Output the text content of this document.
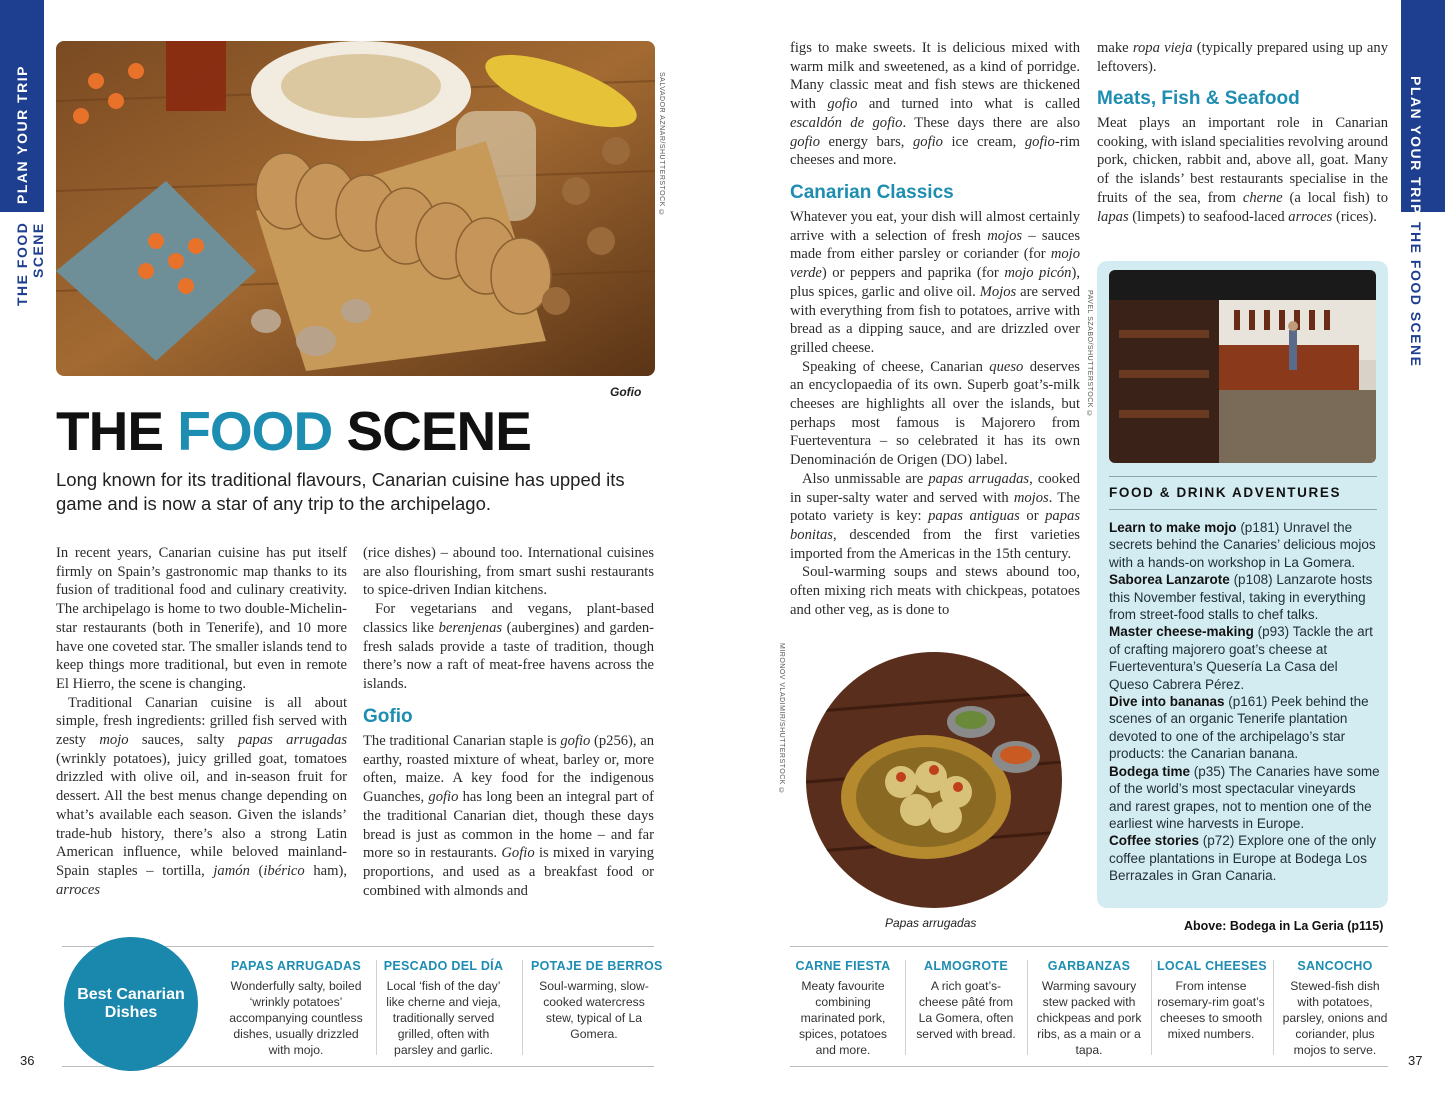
PLAN YOUR TRIP
THE FOOD SCENE
PLAN YOUR TRIP
THE FOOD SCENE
SALVADOR AZNAR/SHUTTERSTOCK ©
Gofio
THE FOOD SCENE
Long known for its traditional flavours, Canarian cuisine has upped its game and is now a star of any trip to the archipelago.

In recent years, Canarian cuisine has put itself firmly on Spain’s gastronomic map thanks to its fusion of traditional food and culinary creativity. The archipelago is home to two double-Michelin-star restaurants (both in Tenerife), and 10 more have one coveted star. The smaller islands tend to keep things more traditional, but even in remote El Hierro, the scene is changing.

Traditional Canarian cuisine is all about simple, fresh ingredients: grilled fish served with zesty mojo sauces, salty papas arrugadas (wrinkly potatoes), juicy grilled goat, tomatoes drizzled with olive oil, and in-season fruit for dessert. All the best menus change depending on what’s available each season. Given the islands’ trade-hub history, there’s also a strong Latin American influence, while beloved mainland-Spain staples – tortilla, jamón (ibérico ham), arroces

(rice dishes) – abound too. International cuisines are also flourishing, from smart sushi restaurants to spice-driven Indian kitchens.

For vegetarians and vegans, plant-based classics like berenjenas (aubergines) and garden-fresh salads provide a taste of tradition, though there’s now a raft of meat-free havens across the islands.

Gofio

The traditional Canarian staple is gofio (p256), an earthy, roasted mixture of wheat, barley or, more often, maize. A key food for the indigenous Guanches, gofio has long been an integral part of the traditional Canarian diet, though these days bread is just as common in the home – and far more so in restaurants. Gofio is mixed in varying proportions, and used as a breakfast food or combined with almonds and

figs to make sweets. It is delicious mixed with warm milk and sweetened, as a kind of porridge. Many classic meat and fish stews are thickened with gofio and turned into what is called escaldón de gofio. These days there are also gofio energy bars, gofio ice cream, gofio-rim cheeses and more.

Canarian Classics

Whatever you eat, your dish will almost certainly arrive with a selection of fresh mojos – sauces made from either parsley or coriander (for mojo verde) or peppers and paprika (for mojo picón), plus spices, garlic and olive oil. Mojos are served with everything from fish to potatoes, arrive with bread as a dipping sauce, and are drizzled over grilled cheese.

Speaking of cheese, Canarian queso deserves an encyclopaedia of its own. Superb goat’s-milk cheeses are highlights all over the islands, but perhaps most famous is Majorero from Fuerteventura – so celebrated it has its own Denominación de Origen (DO) label.

Also unmissable are papas arrugadas, cooked in super-salty water and served with mojos. The potato variety is key: papas antiguas or papas bonitas, descended from the first varieties imported from the Americas in the 15th century.

Soul-warming soups and stews abound too, often mixing rich meats with chickpeas, potatoes and other veg, as is done to

MIRONOV VLADIMIR/SHUTTERSTOCK ©
Papas arrugadas

make ropa vieja (typically prepared using up any leftovers).

Meats, Fish & Seafood

Meat plays an important role in Canarian cooking, with island specialities revolving around pork, chicken, rabbit and, above all, goat. Many of the islands’ best restaurants specialise in the fruits of the sea, from cherne (a local fish) to lapas (limpets) to seafood-laced arroces (rices).

PAVEL SZABO/SHUTTERSTOCK ©
FOOD & DRINK ADVENTURES

Learn to make mojo (p181) Unravel the secrets behind the Canaries’ delicious mojos with a hands-on workshop in La Gomera.

Saborea Lanzarote (p108) Lanzarote hosts this November festival, taking in everything from street-food stalls to chef talks.

Master cheese-making (p93) Tackle the art of crafting majorero goat’s cheese at Fuerteventura’s Quesería La Casa del Queso Cabrera Pérez.

Dive into bananas (p161) Peek behind the scenes of an organic Tenerife plantation devoted to one of the archipelago’s star products: the Canarian banana.

Bodega time (p35) The Canaries have some of the world’s most spectacular vineyards and rarest grapes, not to mention one of the earliest wine harvests in Europe.

Coffee stories (p72) Explore one of the only coffee plantations in Europe at Bodega Los Berrazales in Gran Canaria.

Above: Bodega in La Geria (p115)
Best Canarian Dishes
PAPAS ARRUGADAS
Wonderfully salty, boiled ‘wrinkly potatoes’ accompanying countless dishes, usually drizzled with mojo.
PESCADO DEL DÍA
Local ‘fish of the day’ like cherne and vieja, traditionally served grilled, often with parsley and garlic.
POTAJE DE BERROS
Soul-warming, slow-cooked watercress stew, typical of La Gomera.
CARNE FIESTA
Meaty favourite combining marinated pork, spices, potatoes and more.
ALMOGROTE
A rich goat’s-cheese pâté from La Gomera, often served with bread.
GARBANZAS
Warming savoury stew packed with chickpeas and pork ribs, as a main or a tapa.
LOCAL CHEESES
From intense rosemary-rim goat’s cheeses to smooth mixed numbers.
SANCOCHO
Stewed-fish dish with potatoes, parsley, onions and coriander, plus mojos to serve.
36	37
